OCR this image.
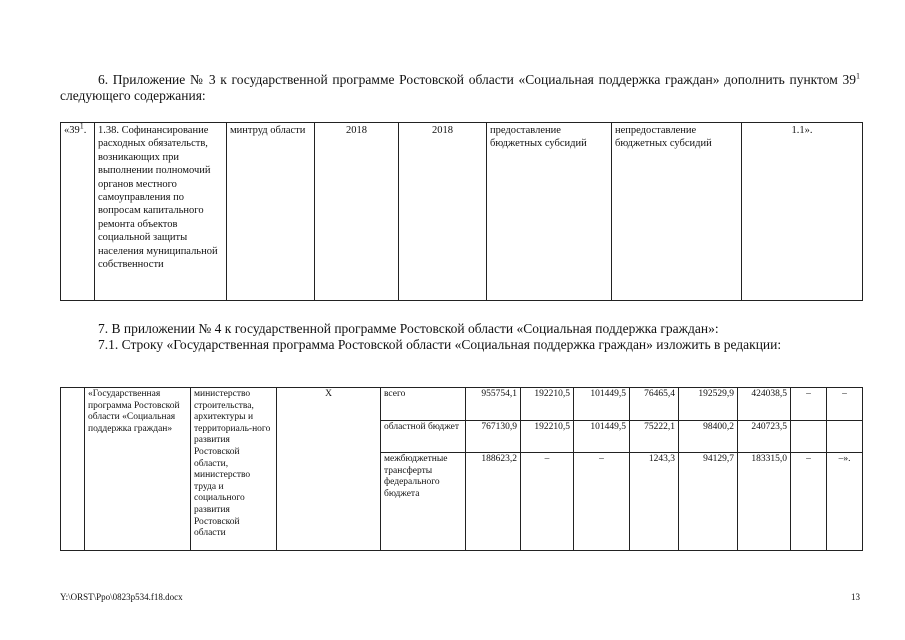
6. Приложение № 3 к государственной программе Ростовской области «Социальная поддержка граждан» дополнить пунктом $39^1$ следующего содержания:
«$39^1$.	1.38. Софинансирование расходных обязательств, возникающих при выполнении полномочий органов местного самоуправления по вопросам капитального ремонта объектов социальной защиты населения муниципальной собственности	минтруд области	2018	2018	предоставление бюджетных субсидий	непредоставление бюджетных субсидий	1.1».
7. В приложении № 4 к государственной программе Ростовской области «Социальная поддержка граждан»:
7.1. Строку «Государственная программа Ростовской области «Социальная поддержка граждан» изложить в редакции:
	«Государственная программа Ростовской области «Социальная поддержка граждан»	министерство строительства, архитектуры и территориаль-ного развития Ростовской области, министерство труда и социального развития Ростовской области	X	всего	955754,1	192210,5	101449,5	76465,4	192529,9	424038,5	–	–
				областной бюджет	767130,9	192210,5	101449,5	75222,1	98400,2	240723,5		
				межбюджетные трансферты федерального бюджета	188623,2	–	–	1243,3	94129,7	183315,0	–	–».
Y:\ORST\Ppo\0823p534.f18.docx	13
